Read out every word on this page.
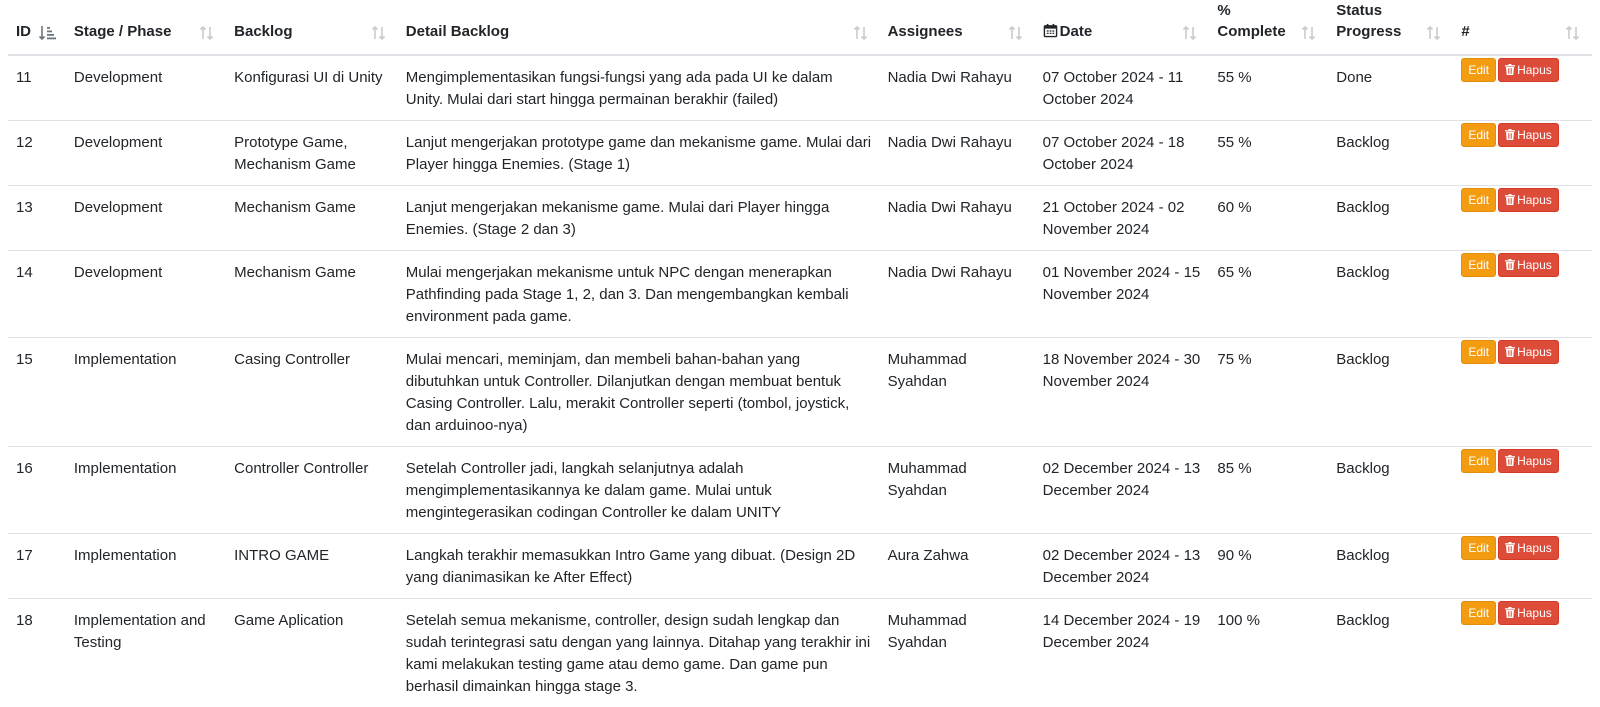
ID	Stage / Phase	Backlog	Detail Backlog	Assignees	Date	% Complete	Status Progress	#

11	Development	Konfigurasi UI di Unity	Mengimplementasikan fungsi-fungsi yang ada pada UI ke dalam Unity. Mulai dari start hingga permainan berakhir (failed)	Nadia Dwi Rahayu	07 October 2024 - 11 October 2024	55 %	Done	Edit Hapus
12	Development	Prototype Game, Mechanism Game	Lanjut mengerjakan prototype game dan mekanisme game. Mulai dari Player hingga Enemies. (Stage 1)	Nadia Dwi Rahayu	07 October 2024 - 18 October 2024	55 %	Backlog	Edit Hapus
13	Development	Mechanism Game	Lanjut mengerjakan mekanisme game. Mulai dari Player hingga Enemies. (Stage 2 dan 3)	Nadia Dwi Rahayu	21 October 2024 - 02 November 2024	60 %	Backlog	Edit Hapus
14	Development	Mechanism Game	Mulai mengerjakan mekanisme untuk NPC dengan menerapkan Pathfinding pada Stage 1, 2, dan 3. Dan mengembangkan kembali environment pada game.	Nadia Dwi Rahayu	01 November 2024 - 15 November 2024	65 %	Backlog	Edit Hapus
15	Implementation	Casing Controller	Mulai mencari, meminjam, dan membeli bahan-bahan yang dibutuhkan untuk Controller. Dilanjutkan dengan membuat bentuk Casing Controller. Lalu, merakit Controller seperti (tombol, joystick, dan arduinoo-nya)	Muhammad Syahdan	18 November 2024 - 30 November 2024	75 %	Backlog	Edit Hapus
16	Implementation	Controller Controller	Setelah Controller jadi, langkah selanjutnya adalah mengimplementasikannya ke dalam game. Mulai untuk mengintegerasikan codingan Controller ke dalam UNITY	Muhammad Syahdan	02 December 2024 - 13 December 2024	85 %	Backlog	Edit Hapus
17	Implementation	INTRO GAME	Langkah terakhir memasukkan Intro Game yang dibuat. (Design 2D yang dianimasikan ke After Effect)	Aura Zahwa	02 December 2024 - 13 December 2024	90 %	Backlog	Edit Hapus
18	Implementation and Testing	Game Aplication	Setelah semua mekanisme, controller, design sudah lengkap dan sudah terintegrasi satu dengan yang lainnya. Ditahap yang terakhir ini kami melakukan testing game atau demo game. Dan game pun berhasil dimainkan hingga stage 3.	Muhammad Syahdan	14 December 2024 - 19 December 2024	100 %	Backlog	Edit Hapus
